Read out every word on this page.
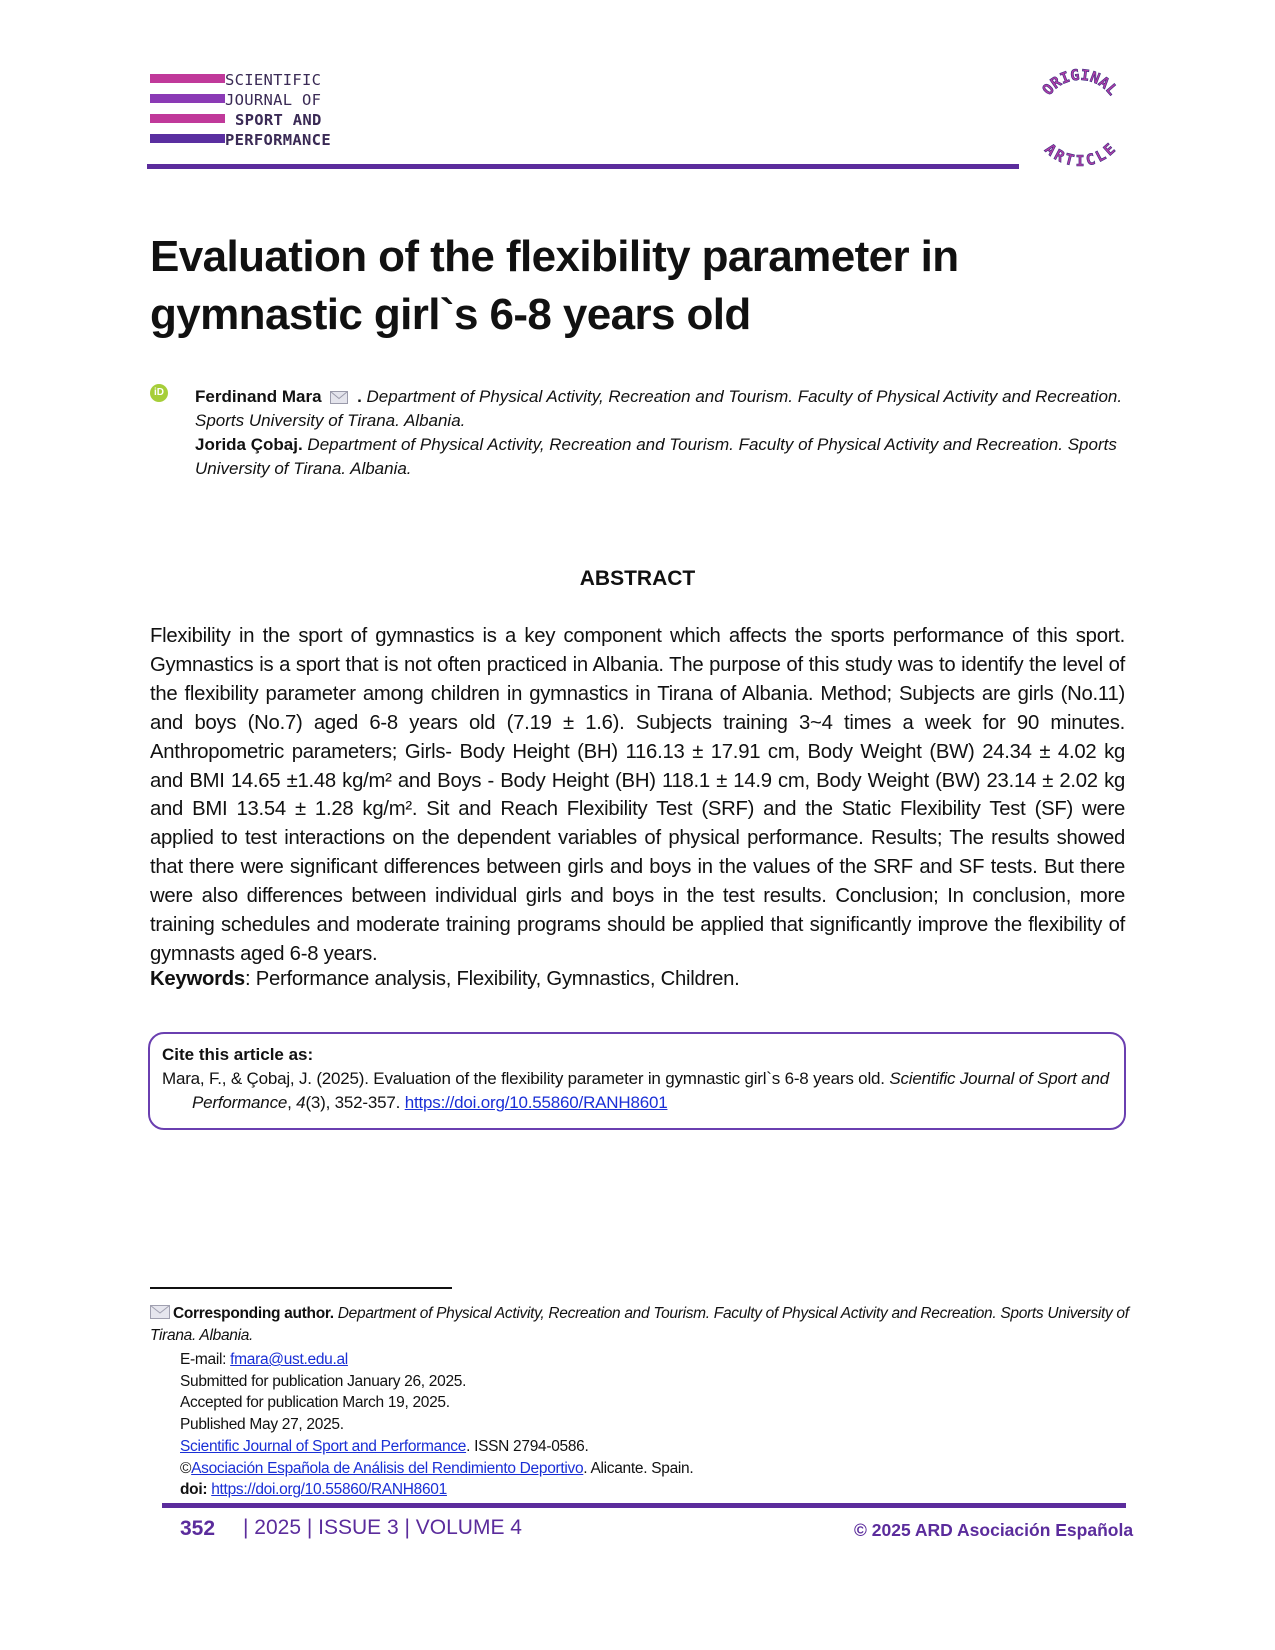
SCIENTIFIC
JOURNAL OF
SPORT AND
PERFORMANCE
ORIGINAL
ARTICLE
Evaluation of the flexibility parameter in gymnastic girl`s 6-8 years old
iD Ferdinand Mara . Department of Physical Activity, Recreation and Tourism. Faculty of Physical Activity and Recreation. Sports University of Tirana. Albania.

Jorida Çobaj. Department of Physical Activity, Recreation and Tourism. Faculty of Physical Activity and Recreation. Sports University of Tirana. Albania.

ABSTRACT

Flexibility in the sport of gymnastics is a key component which affects the sports performance of this sport. Gymnastics is a sport that is not often practiced in Albania. The purpose of this study was to identify the level of the flexibility parameter among children in gymnastics in Tirana of Albania. Method; Subjects are girls (No.11) and boys (No.7) aged 6-8 years old (7.19 ± 1.6). Subjects training 3~4 times a week for 90 minutes. Anthropometric parameters; Girls- Body Height (BH) 116.13 ± 17.91 cm, Body Weight (BW) 24.34 ± 4.02 kg and BMI 14.65 ±1.48 kg/m² and Boys - Body Height (BH) 118.1 ± 14.9 cm, Body Weight (BW) 23.14 ± 2.02 kg and BMI 13.54 ± 1.28 kg/m². Sit and Reach Flexibility Test (SRF) and the Static Flexibility Test (SF) were applied to test interactions on the dependent variables of physical performance. Results; The results showed that there were significant differences between girls and boys in the values of the SRF and SF tests. But there were also differences between individual girls and boys in the test results. Conclusion; In conclusion, more training schedules and moderate training programs should be applied that significantly improve the flexibility of gymnasts aged 6-8 years.

Keywords: Performance analysis, Flexibility, Gymnastics, Children.
Cite this article as:
Mara, F., & Çobaj, J. (2025). Evaluation of the flexibility parameter in gymnastic girl`s 6-8 years old. Scientific Journal of Sport and Performance, 4(3), 352-357. https://doi.org/10.55860/RANH8601
Corresponding author. Department of Physical Activity, Recreation and Tourism. Faculty of Physical Activity and Recreation. Sports University of Tirana. Albania.
E-mail: fmara@ust.edu.al
Submitted for publication January 26, 2025.
Accepted for publication March 19, 2025.
Published May 27, 2025.
Scientific Journal of Sport and Performance. ISSN 2794-0586.
©Asociación Española de Análisis del Rendimiento Deportivo. Alicante. Spain.
doi: https://doi.org/10.55860/RANH8601
352 | 2025 | ISSUE 3 | VOLUME 4	© 2025 ARD Asociación Española
